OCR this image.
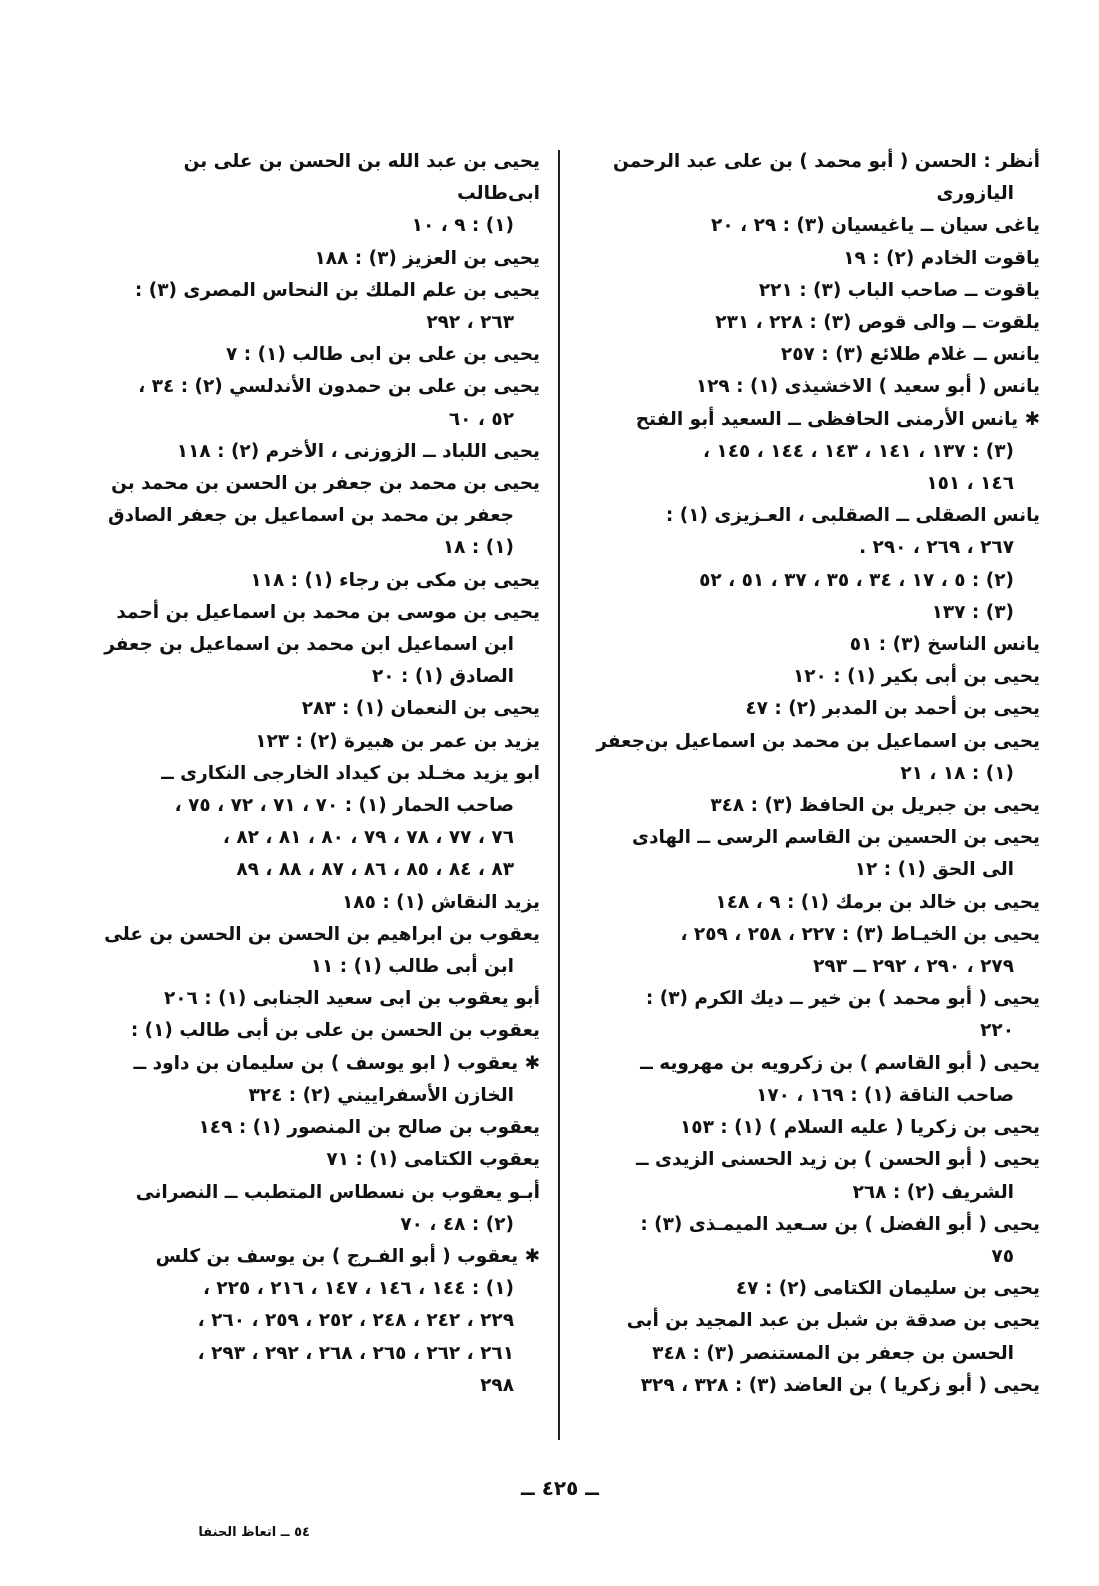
أنظر : الحسن ( أبو محمد ) بن على عبد الرحمن

اليازورى
ياغى سيان ــ ياغيسيان (٣) : ٢٩ ، ٢٠
ياقوت الخادم (٢) : ١٩
ياقوت ــ صاحب الباب (٣) : ٢٢١
يلقوت ــ والى قوص (٣) : ٢٢٨ ، ٢٣١
يانس ــ غلام طلائع (٣) : ٢٥٧
يانس ( أبو سعيد ) الاخشيذى (١) : ١٢٩
✱ يانس الأرمنى الحافظى ــ السعيد أبو الفتح

(٣) : ١٣٧ ، ١٤١ ، ١٤٣ ، ١٤٤ ، ١٤٥ ،
١٤٦ ، ١٥١
يانس الصقلى ــ الصقلبى ، العـزيزى (١) :

٢٦٧ ، ٢٦٩ ، ٢٩٠ .
(٢) : ٥ ، ١٧ ، ٣٤ ، ٣٥ ، ٣٧ ، ٥١ ، ٥٢
(٣) : ١٣٧
يانس الناسخ (٣) : ٥١
يحيى بن أبى بكير (١) : ١٢٠
يحيى بن أحمد بن المدبر (٢) : ٤٧
يحيى بن اسماعيل بن محمد بن اسماعيل بن‌جعفر

(١) : ١٨ ، ٢١
يحيى بن جبريل بن الحافظ (٣) : ٣٤٨
يحيى بن الحسين بن القاسم الرسى ــ الهادى

الى الحق (١) : ١٢
يحيى بن خالد بن برمك (١) : ٩ ، ١٤٨
يحيى بن الخيـاط (٣) : ٢٢٧ ، ٢٥٨ ، ٢٥٩ ،

٢٧٩ ، ٢٩٠ ، ٢٩٢ ــ ٢٩٣
يحيى ( أبو محمد ) بن خير ــ ديك الكرم (٣) :

٢٢٠
يحيى ( أبو القاسم ) بن زكرويه بن مهرويه ــ

صاحب الناقة (١) : ١٦٩ ، ١٧٠
يحيى بن زكريا ( عليه السلام ) (١) : ١٥٣
يحيى ( أبو الحسن ) بن زيد الحسنى الزيدى ــ

الشريف (٢) : ٢٦٨
يحيى ( أبو الفضل ) بن سـعيد الميمـذى (٣) :

٧٥
يحيى بن سليمان الكتامى (٢) : ٤٧
يحيى بن صدقة بن شبل بن عبد المجيد بن أبى

الحسن بن جعفر بن المستنصر (٣) : ٣٤٨
يحيى ( أبو زكريا ) بن العاضد (٣) : ٣٢٨ ، ٣٢٩
يحيى بن عبد الله بن الحسن بن على بن ابى‌طالب

(١) : ٩ ، ١٠
يحيى بن العزيز (٣) : ١٨٨
يحيى بن علم الملك بن النحاس المصرى (٣) :

٢٦٣ ، ٢٩٢
يحيى بن على بن ابى طالب (١) : ٧
يحيى بن على بن حمدون الأندلسي (٢) : ٣٤ ،

٥٢ ، ٦٠
يحيى اللباد ــ الزوزنى ، الأخرم (٢) : ١١٨
يحيى بن محمد بن جعفر بن الحسن بن محمد بن

جعفر بن محمد بن اسماعيل بن جعفر الصادق
(١) : ١٨
يحيى بن مكى بن رجاء (١) : ١١٨
يحيى بن موسى بن محمد بن اسماعيل بن أحمد

ابن اسماعيل ابن محمد بن اسماعيل بن جعفر
الصادق (١) : ٢٠
يحيى بن النعمان (١) : ٢٨٣
يزيد بن عمر بن هبيرة (٢) : ١٢٣
ابو يزيد مخـلد بن كيداد الخارجى النكارى ــ

صاحب الحمار (١) : ٧٠ ، ٧١ ، ٧٢ ، ٧٥ ،
٧٦ ، ٧٧ ، ٧٨ ، ٧٩ ، ٨٠ ، ٨١ ، ٨٢ ،
٨٣ ، ٨٤ ، ٨٥ ، ٨٦ ، ٨٧ ، ٨٨ ، ٨٩
يزيد النقاش (١) : ١٨٥
يعقوب بن ابراهيم بن الحسن بن الحسن بن على

ابن أبى طالب (١) : ١١
أبو يعقوب بن ابى سعيد الجنابى (١) : ٢٠٦
يعقوب بن الحسن بن على بن أبى طالب (١) :
✱ يعقوب ( ابو يوسف ) بن سليمان بن داود ــ

الخازن الأسفراييني (٢) : ٣٢٤
يعقوب بن صالح بن المنصور (١) : ١٤٩
يعقوب الكتامى (١) : ٧١
أبـو يعقوب بن نسطاس المتطبب ــ النصرانى

(٢) : ٤٨ ، ٧٠
✱ يعقوب ( أبو الفـرج ) بن يوسف بن كلس

(١) : ١٤٤ ، ١٤٦ ، ١٤٧ ، ٢١٦ ، ٢٢٥ ،
٢٢٩ ، ٢٤٢ ، ٢٤٨ ، ٢٥٢ ، ٢٥٩ ، ٢٦٠ ،
٢٦١ ، ٢٦٢ ، ٢٦٥ ، ٢٦٨ ، ٢٩٢ ، ٢٩٣ ،
٢٩٨
ــ ٤٢٥ ــ
٥٤ ــ اتعاظ الحنفا
